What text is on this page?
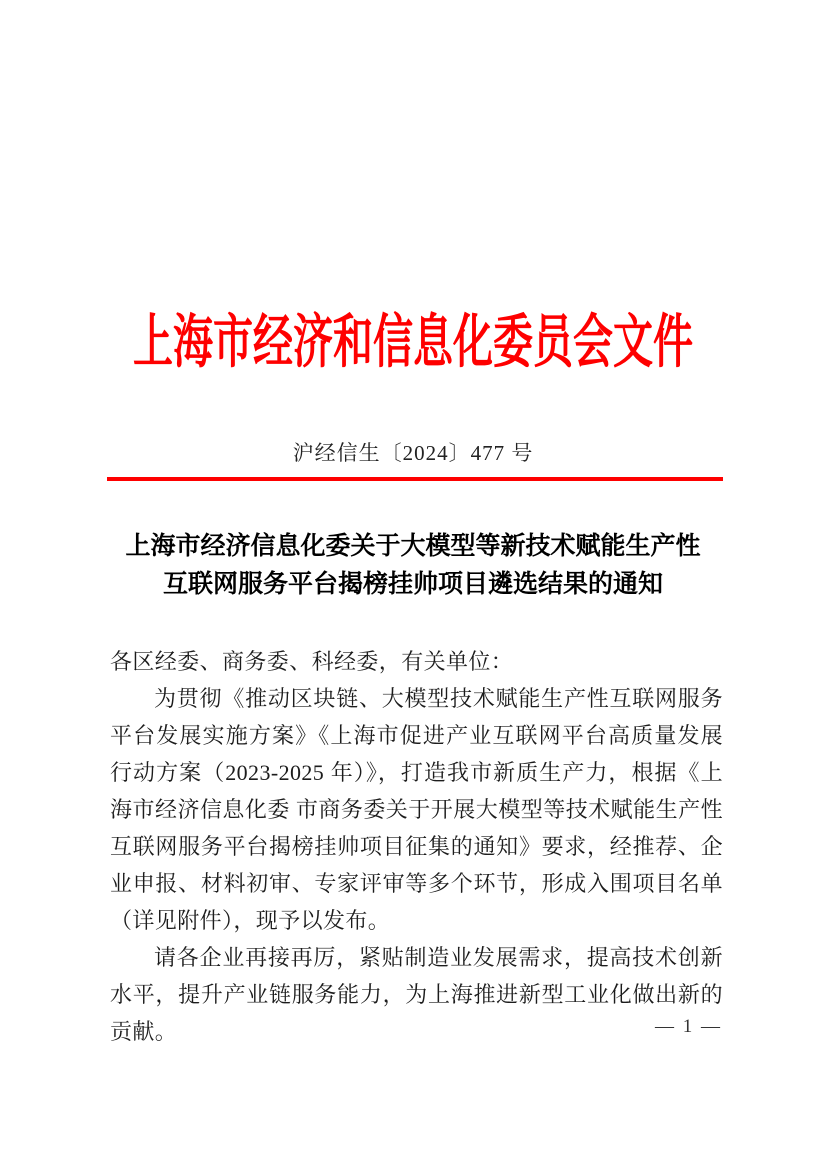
上海市经济和信息化委员会文件
沪经信生〔2024〕477 号
上海市经济信息化委关于大模型等新技术赋能生产性
互联网服务平台揭榜挂帅项目遴选结果的通知

各区经委、商务委、科经委，有关单位：

为贯彻《推动区块链、大模型技术赋能生产性互联网服务平台发展实施方案》《上海市促进产业互联网平台高质量发展行动方案（2023-2025 年）》，打造我市新质生产力，根据《上海市经济信息化委 市商务委关于开展大模型等技术赋能生产性互联网服务平台揭榜挂帅项目征集的通知》要求，经推荐、企业申报、材料初审、专家评审等多个环节，形成入围项目名单（详见附件），现予以发布。

请各企业再接再厉，紧贴制造业发展需求，提高技术创新水平，提升产业链服务能力，为上海推进新型工业化做出新的贡献。	— 1 —
